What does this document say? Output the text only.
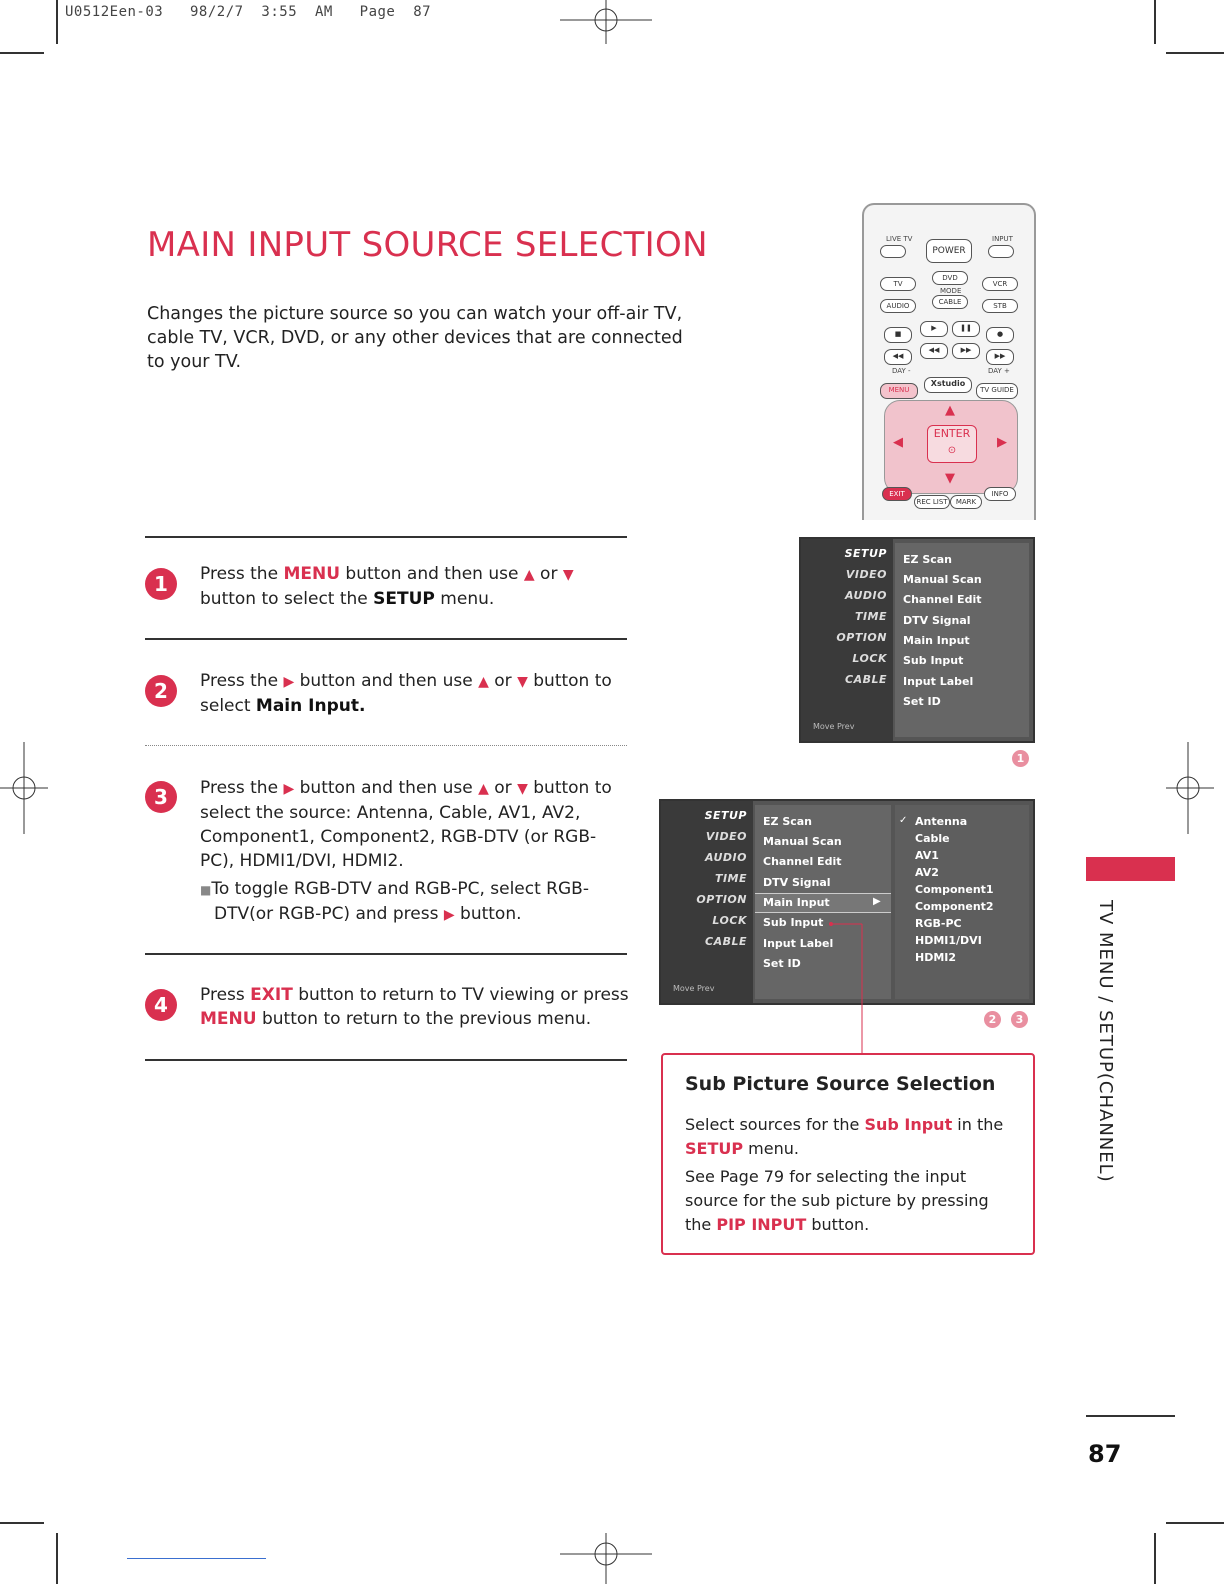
U0512Een-03   98/2/7  3:55  AM   Page  87
MAIN INPUT SOURCE SELECTION
Changes the picture source so you can watch your off-air TV, cable TV, VCR, DVD, or any other devices that are connected to your TV.
LIVE TV
POWER
INPUT
TV
DVD
VCR
MODE
AUDIO	CABLE	STB
■
▶	❚❚
●
◀◀
◀◀	▶▶
▶▶
DAY -	DAY +
MENU
Xstudio
TV GUIDE
▲
▼
◀	▶
ENTER
⊙
EXIT
REC LIST	MARK
INFO
1	Press the MENU button and then use ▲ or ▼ button to select the SETUP menu.
2	Press the ▶ button and then use ▲ or ▼ button to select Main Input.
3	Press the ▶ button and then use ▲ or ▼ button to select the source: Antenna, Cable, AV1, AV2, Component1, Component2, RGB-DTV (or RGB-PC), HDMI1/DVI, HDMI2.
■To toggle RGB-DTV and RGB-PC, select RGB-DTV(or RGB-PC) and press ▶ button.
4	Press EXIT button to return to TV viewing or press MENU button to return to the previous menu.
SETUP
VIDEO
AUDIO
TIME
OPTION
LOCK
CABLE
Move Prev
EZ Scan
Manual Scan
Channel Edit
DTV Signal
Main Input
Sub Input
Input Label
Set ID
1
SETUP
VIDEO
AUDIO
TIME
OPTION
LOCK
CABLE
Move Prev
EZ Scan
Manual Scan
Channel Edit
DTV Signal
Main Input	▶
Sub Input
Input Label
Set ID
✓ Antenna
Cable
AV1
AV2
Component1
Component2
RGB-PC
HDMI1/DVI
HDMI2
2	3
Sub Picture Source Selection
Select sources for the Sub Input in the SETUP menu.
See Page 79 for selecting the input source for the sub picture by pressing the PIP INPUT button.
TV MENU / SETUP(CHANNEL)
87
